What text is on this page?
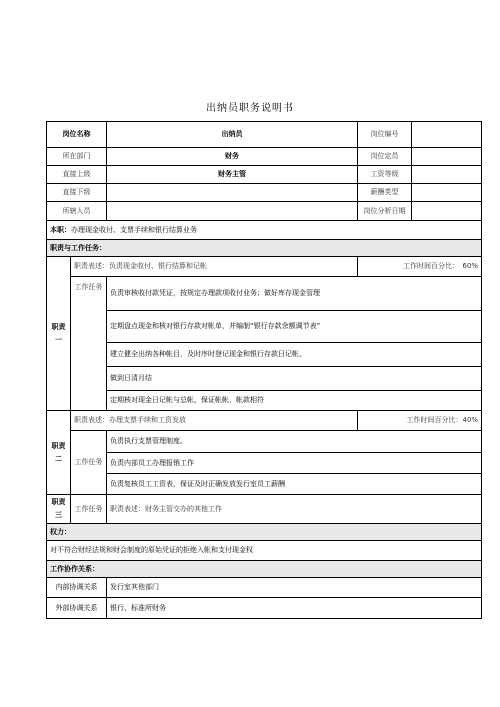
出纳员职务说明书
岗位名称		出纳员	岗位编号	
所在部门		财务	岗位定员	
直接上级		财务主管	工资等级	
直接下级			薪酬类型	
所辖人员			岗位分析日期	
本职：办理现金收付、支票手续和银行结算业务				
职责与工作任务：				
职责一	职责表述：负责现金收付、银行结算和记帐		工作时间百分比：　60%	
	工作任务	负责审核收付款凭证，按规定办理款项收付业务；做好库存现金管理		
		定期盘点现金和核对银行存款对帐单，并编制“银行存款余额调节表”		
		建立健全出纳各种帐目，及时序时登记现金和银行存款日记帐，		
		做到日清月结		
		定期核对现金日记帐与总帐，保证帐帐、帐款相符		
职责二	职责表述：办理支票手续和工资发放		工作时间百分比：40%	
	工作任务	负责执行支票管理制度。		
		负责内部员工办理报销工作		
		负责复核员工工资表，保证及时正确发放发行室员工薪酬		
职责三	工作任务	职责表述：财务主管交办的其他工作		
权力：				
对不符合财经法规和财会制度的原始凭证的拒绝入帐和支付现金权				
工作协作关系：				
内部协调关系		发行室其他部门		
外部协调关系		银行、标准所财务		
